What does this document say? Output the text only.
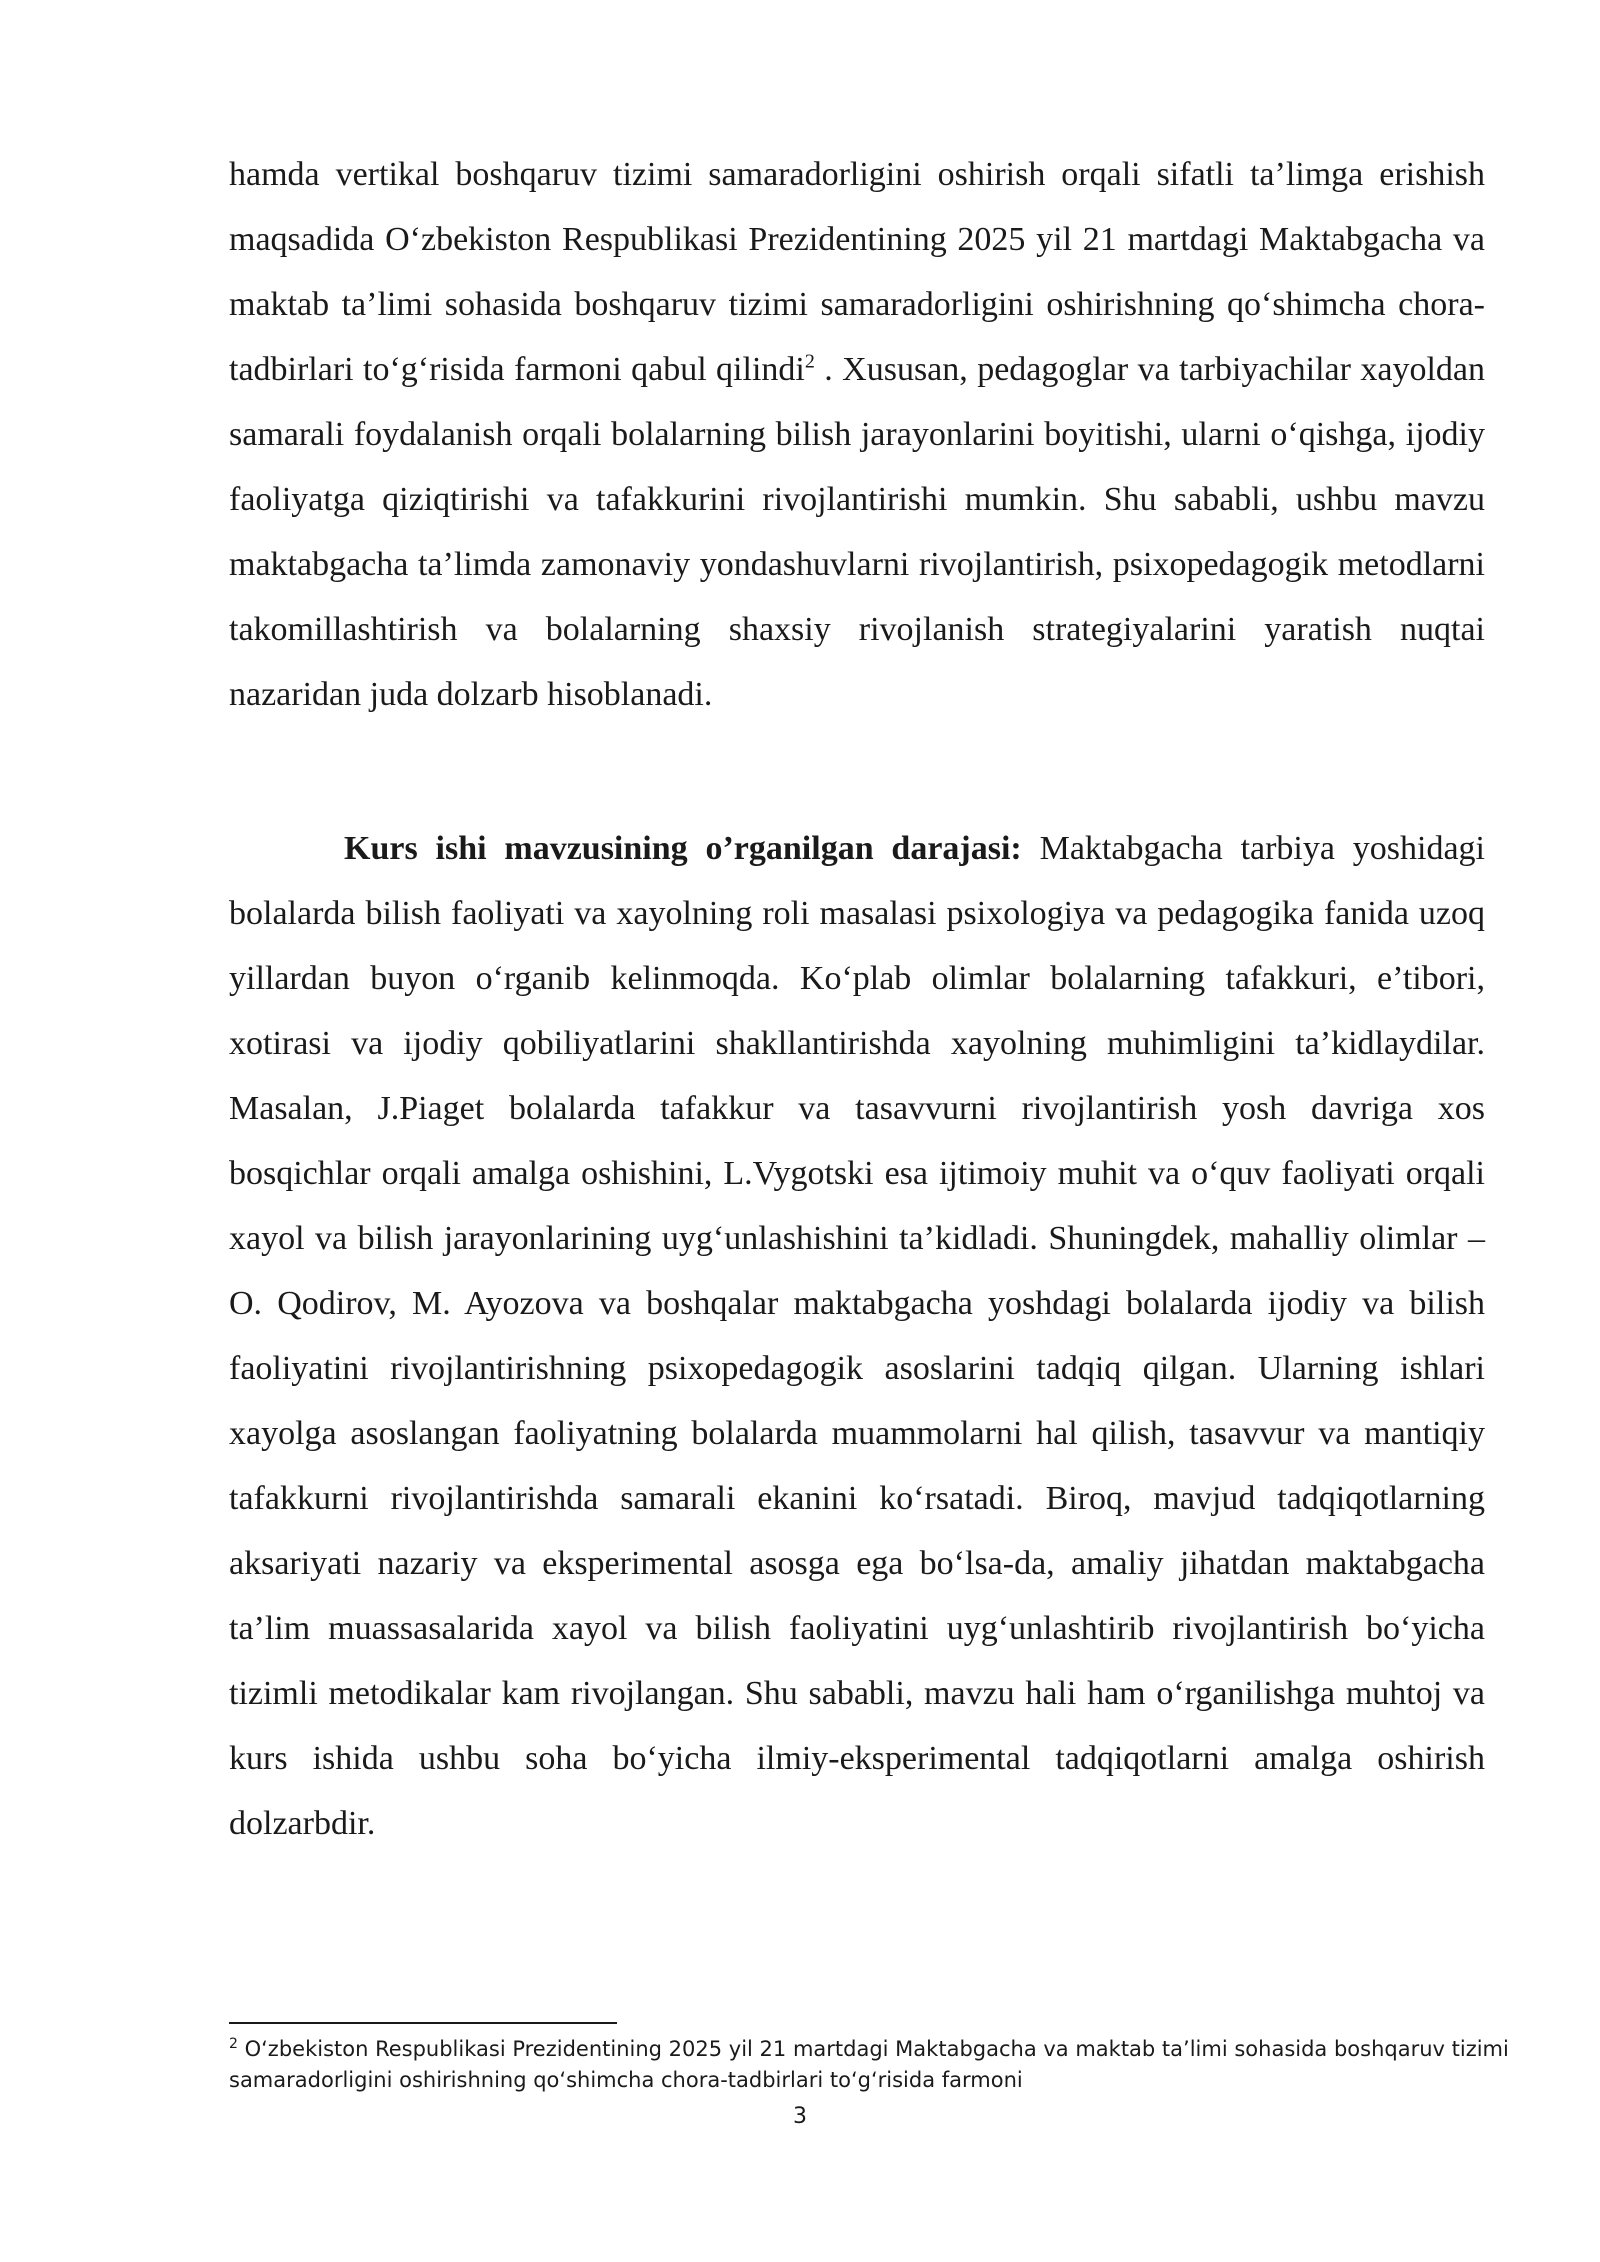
hamda vertikal boshqaruv tizimi samaradorligini oshirish orqali sifatli ta’limga erishish maqsadida O‘zbekiston Respublikasi Prezidentining 2025 yil 21 martdagi Maktabgacha va maktab ta’limi sohasida boshqaruv tizimi samaradorligini oshirishning qo‘shimcha chora-tadbirlari to‘g‘risida farmoni qabul qilindi$^2$ . Xususan, pedagoglar va tarbiyachilar xayoldan samarali foydalanish orqali bolalarning bilish jarayonlarini boyitishi, ularni o‘qishga, ijodiy faoliyatga qiziqtirishi va tafakkurini rivojlantirishi mumkin. Shu sababli, ushbu mavzu maktabgacha ta’limda zamonaviy yondashuvlarni rivojlantirish, psixopedagogik metodlarni takomillashtirish va bolalarning shaxsiy rivojlanish strategiyalarini yaratish nuqtai nazaridan juda dolzarb hisoblanadi.

Kurs ishi mavzusining o’rganilgan darajasi: Maktabgacha tarbiya yoshidagi bolalarda bilish faoliyati va xayolning roli masalasi psixologiya va pedagogika fanida uzoq yillardan buyon o‘rganib kelinmoqda. Ko‘plab olimlar bolalarning tafakkuri, e’tibori, xotirasi va ijodiy qobiliyatlarini shakllantirishda xayolning muhimligini ta’kidlaydilar. Masalan, J.Piaget bolalarda tafakkur va tasavvurni rivojlantirish yosh davriga xos bosqichlar orqali amalga oshishini, L.Vygotski esa ijtimoiy muhit va o‘quv faoliyati orqali xayol va bilish jarayonlarining uyg‘unlashishini ta’kidladi. Shuningdek, mahalliy olimlar – O. Qodirov, M. Ayozova va boshqalar maktabgacha yoshdagi bolalarda ijodiy va bilish faoliyatini rivojlantirishning psixopedagogik asoslarini tadqiq qilgan. Ularning ishlari xayolga asoslangan faoliyatning bolalarda muammolarni hal qilish, tasavvur va mantiqiy tafakkurni rivojlantirishda samarali ekanini ko‘rsatadi. Biroq, mavjud tadqiqotlarning aksariyati nazariy va eksperimental asosga ega bo‘lsa-da, amaliy jihatdan maktabgacha ta’lim muassasalarida xayol va bilish faoliyatini uyg‘unlashtirib rivojlantirish bo‘yicha tizimli metodikalar kam rivojlangan. Shu sababli, mavzu hali ham o‘rganilishga muhtoj va kurs ishida ushbu soha bo‘yicha ilmiy-eksperimental tadqiqotlarni amalga oshirish dolzarbdir.

$^2$ O‘zbekiston Respublikasi Prezidentining 2025 yil 21 martdagi Maktabgacha va maktab ta’limi sohasida boshqaruv tizimi samaradorligini oshirishning qo‘shimcha chora-tadbirlari to‘g‘risida farmoni
3
